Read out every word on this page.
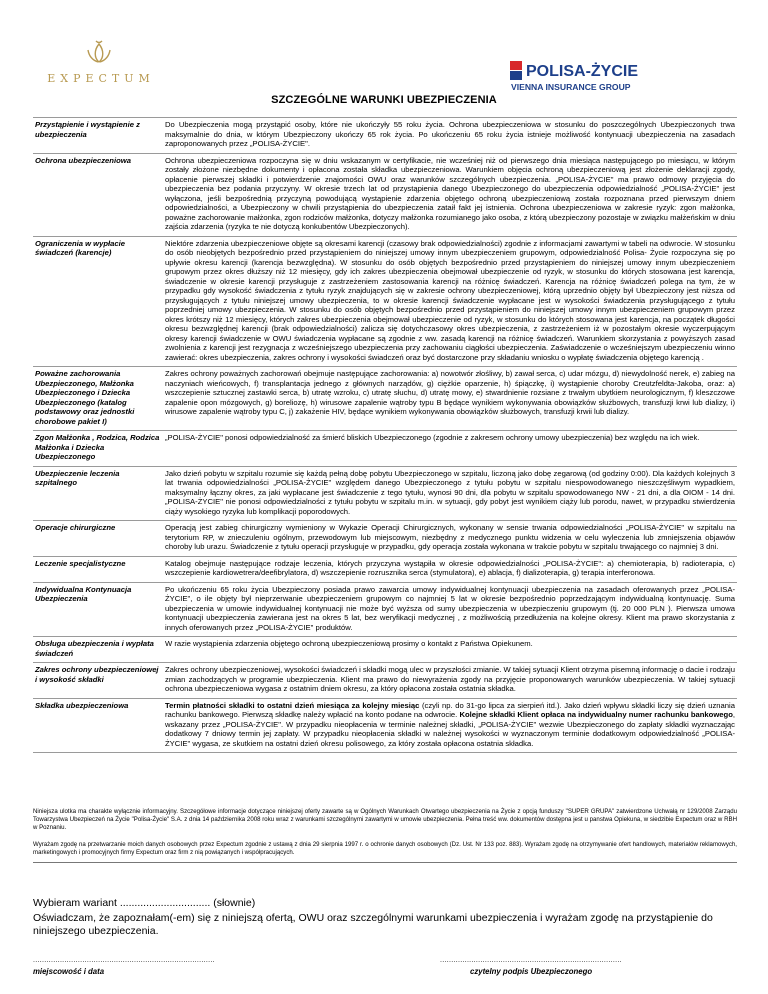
EXPECTUM	POLISA-ŻYCIE
VIENNA INSURANCE GROUP
SZCZEGÓLNE WARUNKI UBEZPIECZENIA
Przystąpienie i wystąpienie z ubezpieczenia	Do Ubezpieczenia mogą przystąpić osoby, które nie ukończyły 55 roku życia. Ochrona ubezpieczeniowa w stosunku do poszczególnych Ubezpieczonych trwa maksymalnie do dnia, w którym Ubezpieczony ukończy 65 rok życia. Po ukończeniu 65 roku życia istnieje możliwość kontynuacji ubezpieczenia na zasadach zaproponowanych przez „POLISA-ŻYCIE".
Ochrona ubezpieczeniowa	Ochrona ubezpieczeniowa rozpoczyna się w dniu wskazanym w certyfikacie, nie wcześniej niż od pierwszego dnia miesiąca następującego po miesiącu, w którym zostały złożone niezbędne dokumenty i opłacona została składka ubezpieczeniowa. Warunkiem objęcia ochroną ubezpieczeniową jest złożenie deklaracji zgody, opłacenie pierwszej składki i potwierdzenie znajomości OWU oraz warunków szczególnych ubezpieczenia. „POLISA-ŻYCIE" ma prawo odmowy przyjęcia do ubezpieczenia bez podania przyczyny. W okresie trzech lat od przystąpienia danego Ubezpieczonego do ubezpieczenia odpowiedzialność „POLISA-ŻYCIE" jest wyłączona, jeśli bezpośrednią przyczyną powodującą wystąpienie zdarzenia objętego ochroną ubezpieczeniową została rozpoznana przed pierwszym dniem odpowiedzialności, a Ubezpieczony w chwili przystąpienia do ubezpieczenia zataił fakt jej istnienia. Ochrona ubezpieczeniowa w zakresie ryzyk: zgon małżonka, poważne zachorowanie małżonka, zgon rodziców małżonka, dotyczy małżonka rozumianego jako osoba, z którą ubezpieczony pozostaje w związku małżeńskim w dniu zajścia zdarzenia (ryzyka te nie dotyczą konkubentów Ubezpieczonych).
Ograniczenia w wypłacie świadczeń (karencje)	Niektóre zdarzenia ubezpieczeniowe objęte są okresami karencji (czasowy brak odpowiedzialności) zgodnie z informacjami zawartymi w tabeli na odwrocie. W stosunku do osób nieobjętych bezpośrednio przed przystąpieniem do niniejszej umowy innym ubezpieczeniem grupowym, odpowiedzialność Polisa- Życie rozpoczyna się po upływie okresu karencji (karencja bezwzględna). W stosunku do osób objętych bezpośrednio przed przystąpieniem do niniejszej umowy innym ubezpieczeniem grupowym przez okres dłuższy niż 12 miesięcy, gdy ich zakres ubezpieczenia obejmował ubezpieczenie od ryzyk, w stosunku do których stosowana jest karencja, świadczenie w okresie karencji przysługuje z zastrzeżeniem zastosowania karencji na różnicę świadczeń. Karencja na różnicę świadczeń polega na tym, że w przypadku gdy wysokość świadczenia z tytułu ryzyk znajdujących się w zakresie ochrony ubezpieczeniowej, którą uprzednio objęty był Ubezpieczony jest niższa od przysługujących z tytułu niniejszej umowy ubezpieczenia, to w okresie karencji świadczenie wypłacane jest w wysokości świadczenia przysługującego z tytułu poprzedniej umowy ubezpieczenia. W stosunku do osób objętych bezpośrednio przed przystąpieniem do niniejszej umowy innym ubezpieczeniem grupowym przez okres krótszy niż 12 miesięcy, których zakres ubezpieczenia obejmował ubezpieczenie od ryzyk, w stosunku do których stosowana jest karencja, na początek długości okresu bezwzględnej karencji (brak odpowiedzialności) zalicza się dotychczasowy okres ubezpieczenia, z zastrzeżeniem iż w pozostałym okresie wyczerpującym okresy karencji świadczenie w OWU świadczenia wypłacane są zgodnie z ww. zasadą karencji na różnicę świadczeń. Warunkiem skorzystania z powyższych zasad zwolnienia z karencji jest rezygnacja z wcześniejszego ubezpieczenia przy zachowaniu ciągłości ubezpieczenia. Zaświadczenie o wcześniejszym ubezpieczeniu winno zawierać: okres ubezpieczenia, zakres ochrony i wysokości świadczeń oraz być dostarczone przy składaniu wniosku o wypłatę świadczenia objętego karencją .
Poważne zachorowania Ubezpieczonego, Małżonka Ubezpieczonego i Dziecka Ubezpieczonego (katalog podstawowy oraz jednostki chorobowe pakiet I)	Zakres ochrony poważnych zachorowań obejmuje następujące zachorowania: a) nowotwór złośliwy, b) zawał serca, c) udar mózgu, d) niewydolność nerek, e) zabieg na naczyniach wieńcowych, f) transplantacja jednego z głównych narządów, g) ciężkie oparzenie, h) śpiączkę, i) wystąpienie choroby Creutzfeldta-Jakoba, oraz: a) wszczepienie sztucznej zastawki serca, b) utratę wzroku, c) utratę słuchu, d) utratę mowy, e) stwardnienie rozsiane z trwałym ubytkiem neurologicznym, f) kleszczowe zapalenie opon mózgowych, g) boreliozę, h) wirusowe zapalenie wątroby typu B będące wynikiem wykonywania obowiązków służbowych, transfuzji krwi lub dializy, i) wirusowe zapalenie wątroby typu C, j) zakażenie HIV, będące wynikiem wykonywania obowiązków służbowych, transfuzji krwii lub dializy.
Zgon Małżonka , Rodzica, Rodzica Małżonka i Dziecka Ubezpieczonego	„POLISA-ŻYCIE" ponosi odpowiedzialność za śmierć bliskich Ubezpieczonego (zgodnie z zakresem ochrony umowy ubezpieczenia) bez względu na ich wiek.
Ubezpieczenie leczenia szpitalnego	Jako dzień pobytu w szpitalu rozumie się każdą pełną dobę pobytu Ubezpieczonego w szpitalu, liczoną jako dobę zegarową (od godziny 0:00). Dla każdych kolejnych 3 lat trwania odpowiedzialności „POLISA-ŻYCIE" względem danego Ubezpieczonego z tytułu pobytu w szpitalu niespowodowanego nieszczęśliwym wypadkiem, maksymalny łączny okres, za jaki wypłacane jest świadczenie z tego tytułu, wynosi 90 dni, dla pobytu w szpitalu spowodowanego NW - 21 dni, a dla OIOM - 14 dni. „POLISA-ŻYCIE" nie ponosi odpowiedzialności z tytułu pobytu w szpitalu m.in. w sytuacji, gdy pobyt jest wynikiem ciąży lub porodu, nawet, w przypadku stwierdzenia ciąży wysokiego ryzyka lub komplikacji poporodowych.
Operacje chirurgiczne	Operacją jest zabieg chirurgiczny wymieniony w Wykazie Operacji Chirurgicznych, wykonany w sensie trwania odpowiedzialności „POLISA-ŻYCIE" w szpitalu na terytorium RP, w znieczuleniu ogólnym, przewodowym lub miejscowym, niezbędny z medycznego punktu widzenia w celu wyleczenia lub zmniejszenia objawów choroby lub urazu. Świadczenie z tytułu operacji przysługuje w przypadku, gdy operacja została wykonana w trakcie pobytu w szpitalu trwającego co najmniej 3 dni.
Leczenie specjalistyczne	Katalog obejmuje następujące rodzaje leczenia, których przyczyna wystąpiła w okresie odpowiedzialności „POLISA-ŻYCIE": a) chemioterapia, b) radioterapia, c) wszczepienie kardiowetrera/deefibrylatora, d) wszczepienie rozrusznika serca (stymulatora), e) ablacja, f) dializoterapia, g) terapia interferonowa.
Indywidualna Kontynuacja Ubezpieczenia	Po ukończeniu 65 roku życia Ubezpieczony posiada prawo zawarcia umowy indywidualnej kontynuacji ubezpieczenia na zasadach oferowanych przez „POLISA-ŻYCIE", o ile objęty był nieprzerwanie ubezpieczeniem grupowym co najmniej 5 lat w okresie bezpośrednio poprzedzającym indywidualną kontynuację. Suma ubezpieczenia w umowie indywidualnej kontynuacji nie może być wyższa od sumy ubezpieczenia w ubezpieczeniu grupowym (tj. 20 000 PLN ). Pierwsza umowa kontynuacji ubezpieczenia zawierana jest na okres 5 lat, bez weryfikacji medycznej , z możliwością przedłużenia na kolejne okresy. Klient ma prawo skorzystania z innych oferowanych przez „POLISA-ŻYCIE" produktów.
Obsługa ubezpieczenia i wypłata świadczeń	W razie wystąpienia zdarzenia objętego ochroną ubezpieczeniową prosimy o kontakt z Państwa Opiekunem.
Zakres ochrony ubezpieczeniowej i wysokość składki	Zakres ochrony ubezpieczeniowej, wysokości świadczeń i składki mogą ulec w przyszłości zmianie. W takiej sytuacji Klient otrzyma pisemną informację o dacie i rodzaju zmian zachodzących w programie ubezpieczenia. Klient ma prawo do niewyrażenia zgody na przyjęcie proponowanych warunków ubezpieczenia. W takiej sytuacji ochrona ubezpieczeniowa wygasa z ostatnim dniem okresu, za który opłacona została ostatnia składka.
Składka ubezpieczeniowa	Termin płatności składki to ostatni dzień miesiąca za kolejny miesiąc (czyli np. do 31-go lipca za sierpień itd.). Jako dzień wpływu składki liczy się dzień uznania rachunku bankowego. Pierwszą składkę należy wpłacić na konto podane na odwrocie. Kolejne składki Klient opłaca na indywidualny numer rachunku bankowego, wskazany przez „POLISA-ŻYCIE". W przypadku nieopłacenia w terminie należnej składki, „POLISA-ŻYCIE" wezwie Ubezpieczonego do zapłaty składki wyznaczając dodatkowy 7 dniowy termin jej zapłaty. W przypadku nieopłacenia składki w należnej wysokości w wyznaczonym terminie dodatkowym odpowiedzialność „POLISA-ŻYCIE" wygasa, ze skutkiem na ostatni dzień okresu polisowego, za który została opłacona ostatnia składka.
Niniejsza ulotka ma charakte wyłącznie informacyjny. Szczegółowe informacje dotyczące niniejszej oferty zawarte są w Ogólnych Warunkach Otwartego ubezpieczenia na Życie z opcją funduszy "SUPER GRUPA" zatwierdzone Uchwałą nr 129/2008 Zarządu Towarzystwa Ubezpieczeń na Życie "Polisa-Życie" S.A. z dnia 14 października 2008 roku wraz z warunkami szczególnymi zawartymi w umowie ubezpieczenia. Pełna treść ww. dokumentów dostępna jest u panstwa Opiekuna, w siedzibie Expectum oraz w RBH w Poznaniu.
Wyrażam zgodę na przetwarzanie moich danych osobowych przez Expectum zgodnie z ustawą z dnia 29 sierpnia 1997 r. o ochronie danych osobowych (Dz. Ust. Nr 133 poz. 883). Wyrażam zgodę na otrzymywanie ofert handlowych, materiałów reklamowych, marketingowych i promocyjnych firmy Expectum oraz firm z nią powiązanych i współpracujących.
Wybieram wariant ............................... (słownie)
Oświadczam, że zapoznałam(-em) się z niniejszą ofertą, OWU oraz szczególnymi warunkami ubezpieczenia i wyrażam zgodę na przystąpienie do niniejszego ubezpieczenia.
.................................................................................	.................................................................................
miejscowość i data	czytelny podpis Ubezpieczonego
